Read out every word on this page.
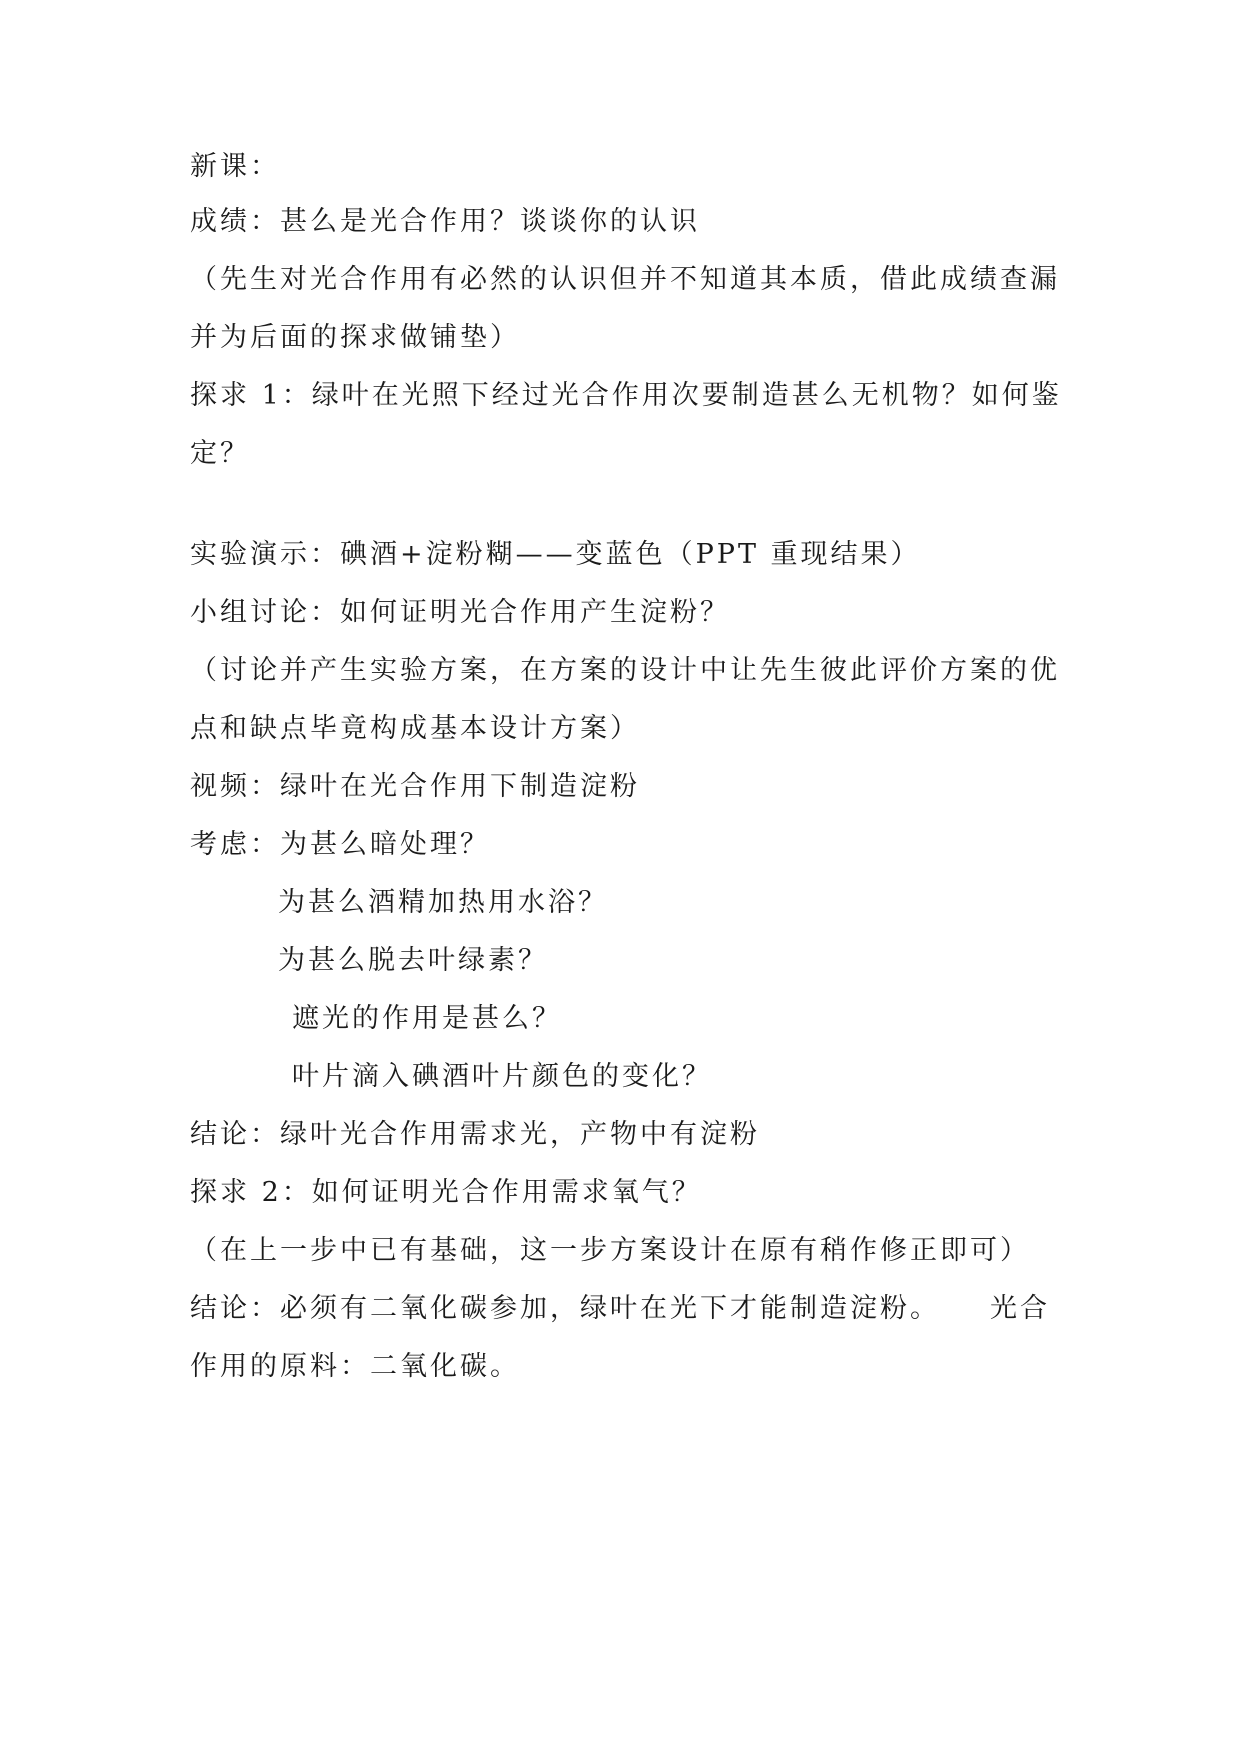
新课：
成绩：甚么是光合作用？谈谈你的认识
（先生对光合作用有必然的认识但并不知道其本质，借此成绩查漏
并为后面的探求做铺垫）
探求 1：绿叶在光照下经过光合作用次要制造甚么无机物？如何鉴
定？
实验演示：碘酒+淀粉糊——变蓝色（PPT 重现结果）
小组讨论：如何证明光合作用产生淀粉？
（讨论并产生实验方案，在方案的设计中让先生彼此评价方案的优
点和缺点毕竟构成基本设计方案）
视频：绿叶在光合作用下制造淀粉
考虑：为甚么暗处理？
为甚么酒精加热用水浴？
为甚么脱去叶绿素？
遮光的作用是甚么？
叶片滴入碘酒叶片颜色的变化？
结论：绿叶光合作用需求光，产物中有淀粉
探求 2：如何证明光合作用需求氧气？
（在上一步中已有基础，这一步方案设计在原有稍作修正即可）
结论：必须有二氧化碳参加，绿叶在光下才能制造淀粉。 光合
作用的原料：二氧化碳。
